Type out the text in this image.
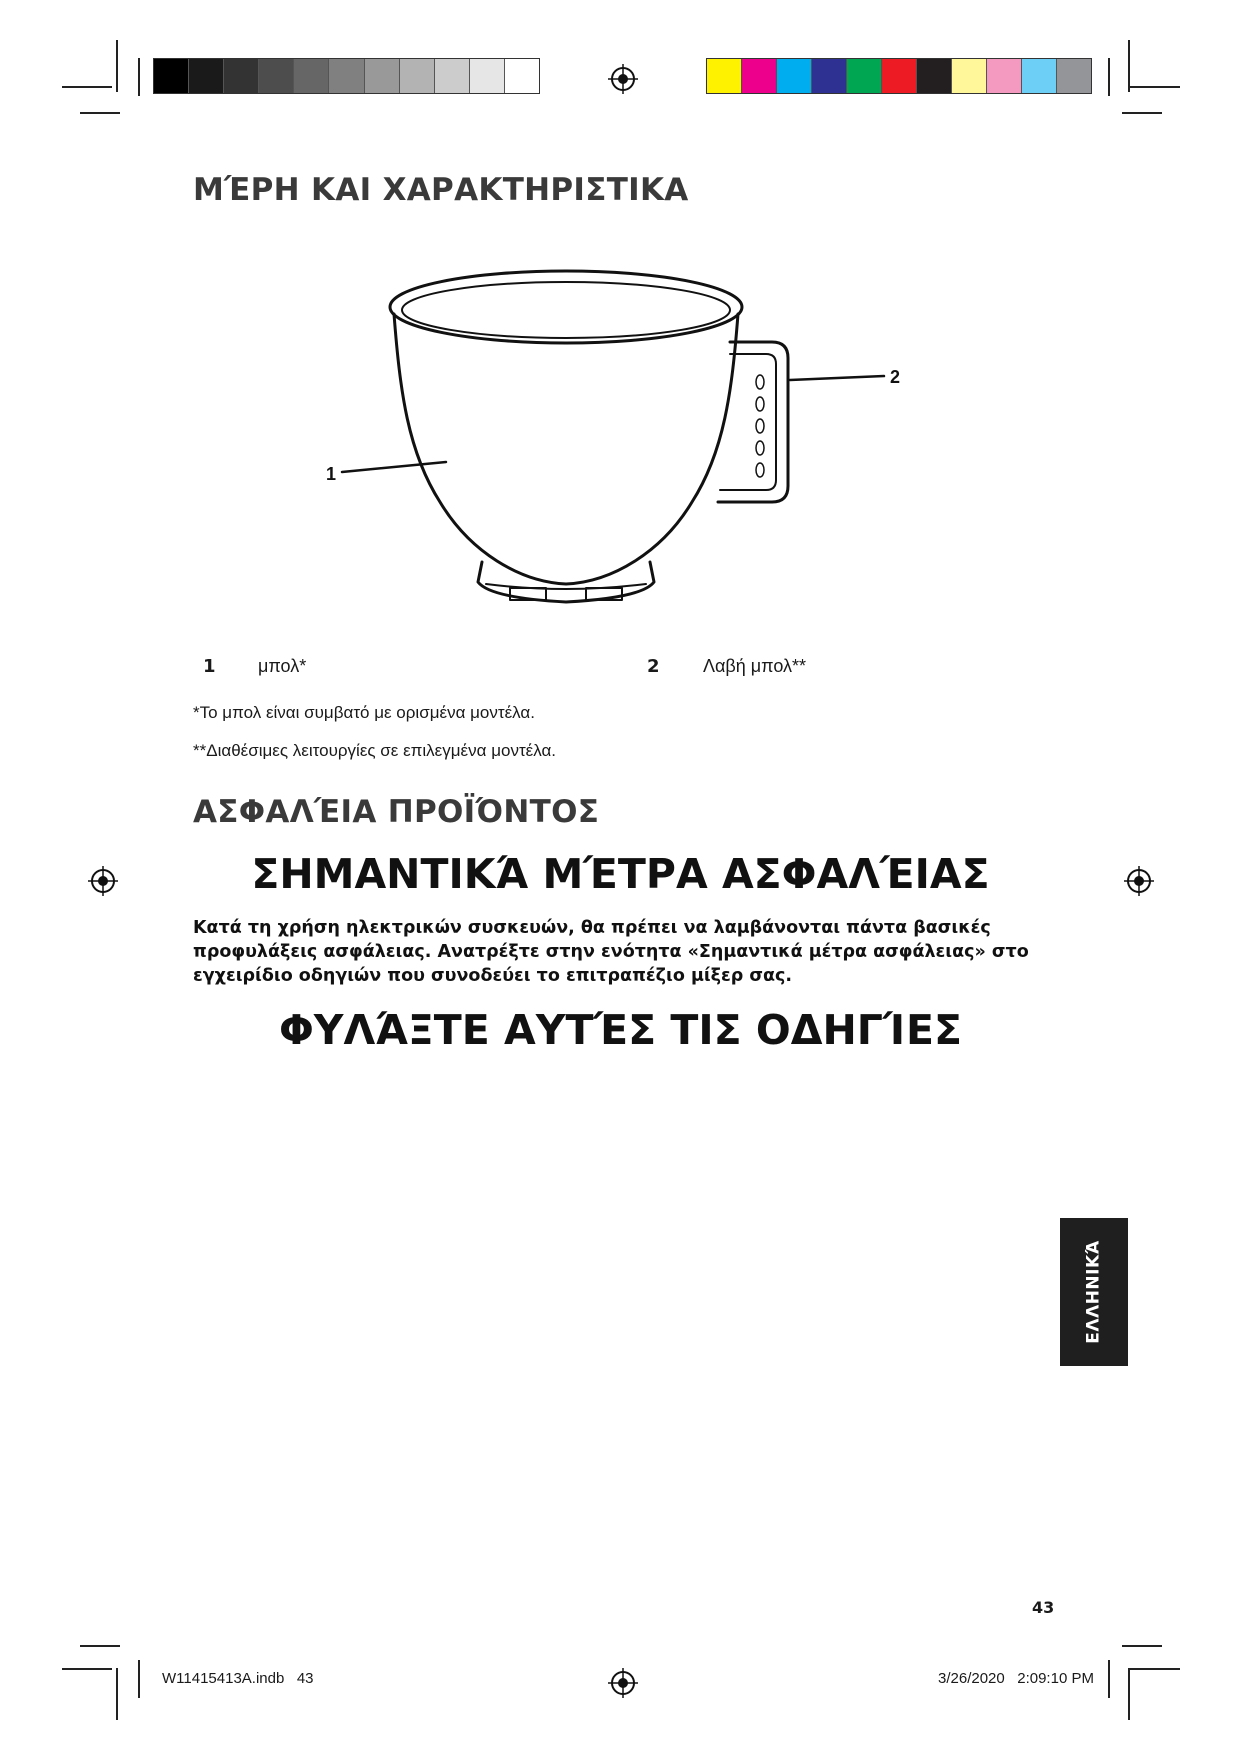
ΜΈΡΗ ΚΑΙ ΧΑΡΑΚΤΗΡΙΣΤΙΚΑ
1
2
1 μπολ*	2 Λαβή μπολ**
*Το μπολ είναι συμβατό με ορισμένα μοντέλα.
**Διαθέσιμες λειτουργίες σε επιλεγμένα μοντέλα.
ΑΣΦΑΛΈΙΑ ΠΡΟΪΌΝΤΟΣ
ΣΗΜΑΝΤΙΚΆ ΜΈΤΡΑ ΑΣΦΑΛΈΙΑΣ

Κατά τη χρήση ηλεκτρικών συσκευών, θα πρέπει να λαμβάνονται πάντα βασικές
προφυλάξεις ασφάλειας. Ανατρέξτε στην ενότητα «Σημαντικά μέτρα ασφάλειας» στο
εγχειρίδιο οδηγιών που συνοδεύει το επιτραπέζιο μίξερ σας.

ΦΥΛΆΞΤΕ ΑΥΤΈΣ ΤΙΣ ΟΔΗΓΊΕΣ
ΕΛΛΗΝΙΚΆ
43
W11415413A.indb   43	3/26/2020   2:09:10 PM
